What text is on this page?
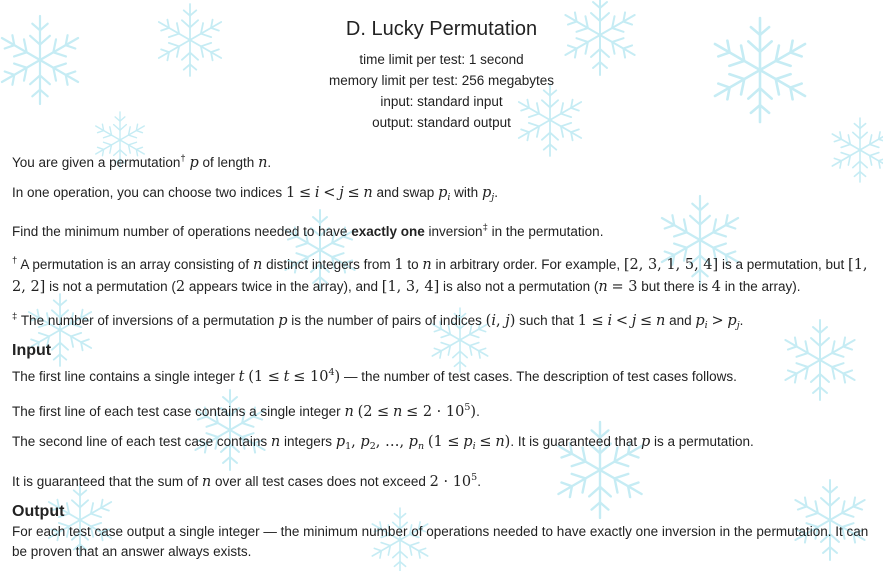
D. Lucky Permutation
time limit per test: 1 second
memory limit per test: 256 megabytes
input: standard input
output: standard output
You are given a permutation† p of length n.
In one operation, you can choose two indices 1 ≤ i < j ≤ n and swap $p_i$ with $p_j$.
Find the minimum number of operations needed to have exactly one inversion‡ in the permutation.
† A permutation is an array consisting of n distinct integers from 1 to n in arbitrary order. For example, [2, 3, 1, 5, 4] is a permutation, but [1, 2, 2] is not a permutation (2 appears twice in the array), and [1, 3, 4] is also not a permutation (n = 3 but there is 4 in the array).
‡ The number of inversions of a permutation p is the number of pairs of indices (i, j) such that 1 ≤ i < j ≤ n and $p_i > p_j$.
Input
The first line contains a single integer t $(1 \le t \le 10^4)$ — the number of test cases. The description of test cases follows.
The first line of each test case contains a single integer n $(2 \le n \le 2 \cdot 10^5)$.
The second line of each test case contains n integers $p_1$, $p_2$, …, $p_n$ $(1 \le p_i \le n)$. It is guaranteed that p is a permutation.
It is guaranteed that the sum of n over all test cases does not exceed $2 \cdot 10^5$.
Output
For each test case output a single integer — the minimum number of operations needed to have exactly one inversion in the permutation. It can be proven that an answer always exists.
